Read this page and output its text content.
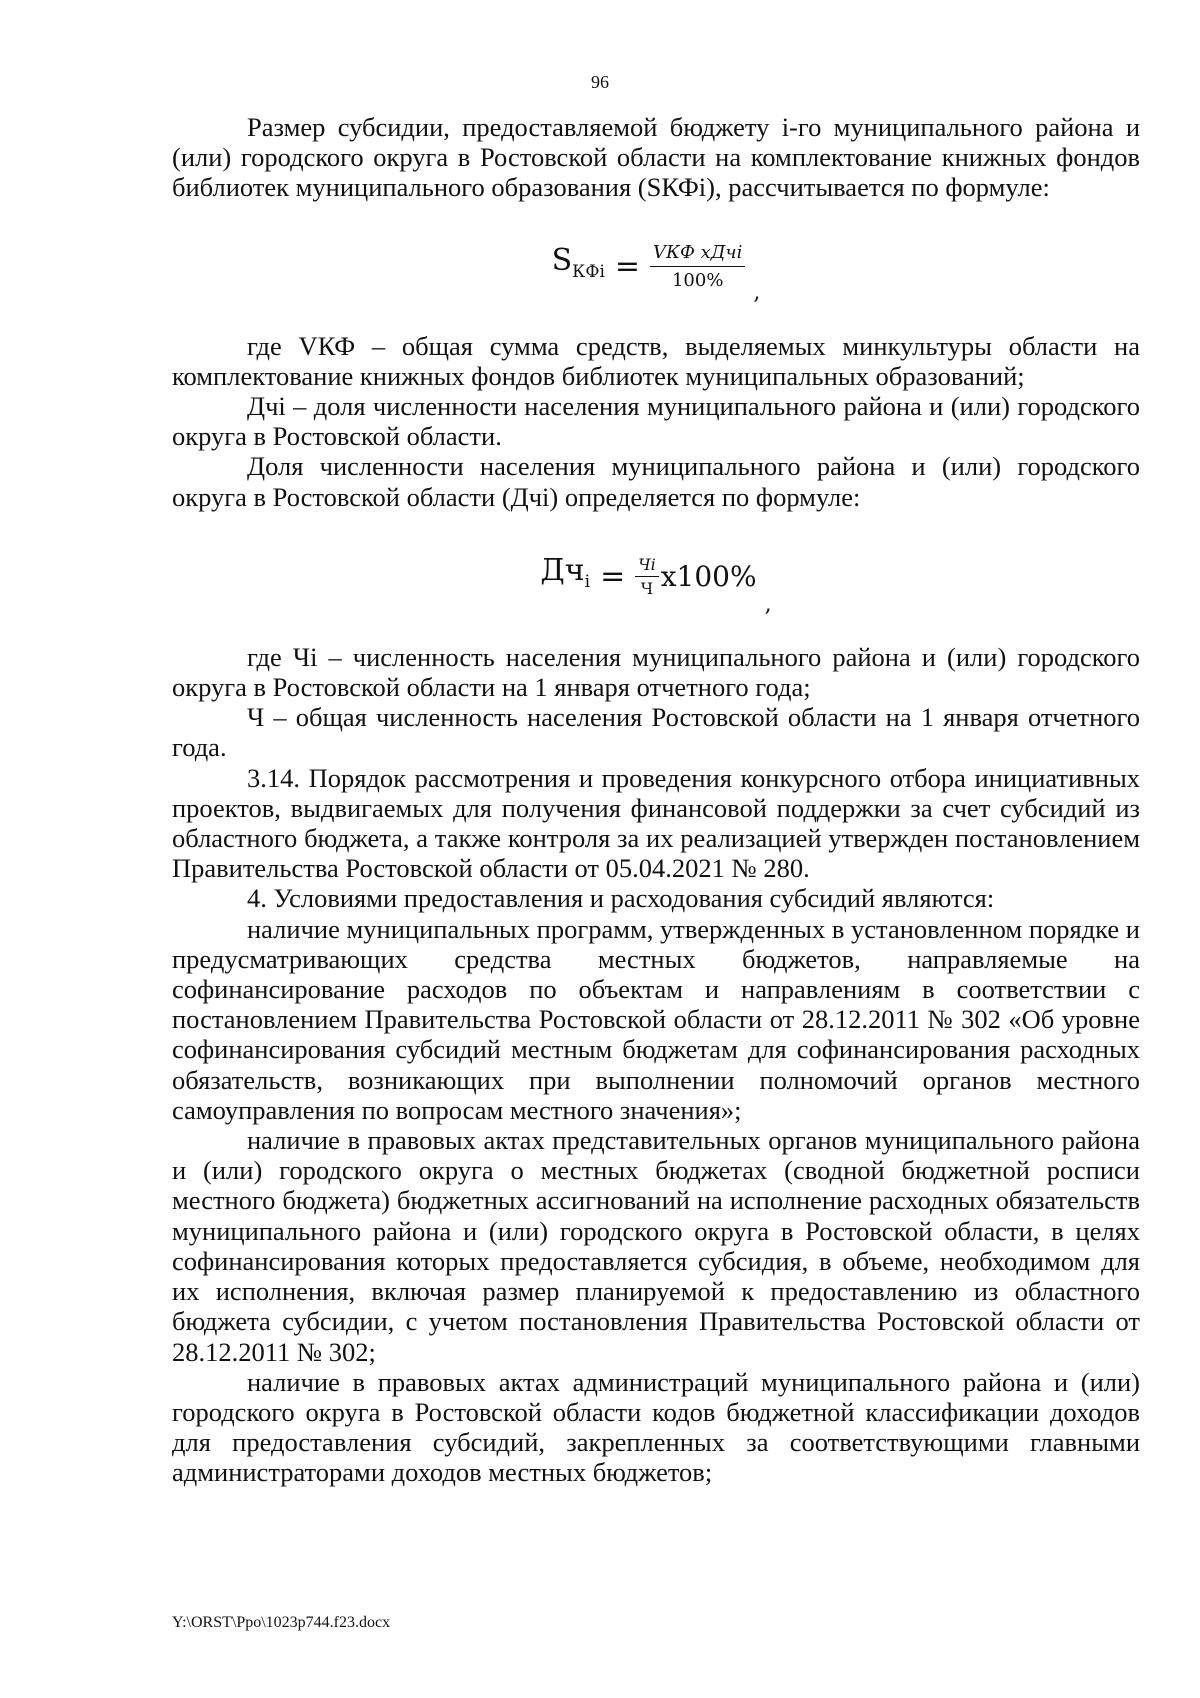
96

Размер субсидии, предоставляемой бюджету i-го муниципального района и (или) городского округа в Ростовской области на комплектование книжных фондов библиотек муниципального образования (SКФi), рассчитывается по формуле:

$S_{КФi} = \frac{\text{VКФ хДчi}}{100\%}$
,

где VКФ – общая сумма средств, выделяемых минкультуры области на комплектование книжных фондов библиотек муниципальных образований;

Дчi – доля численности населения муниципального района и (или) городского округа в Ростовской области.

Доля численности населения муниципального района и (или) городского округа в Ростовской области (Дчi) определяется по формуле:

$Дч_i = \frac{Чi}{Ч} х100\%$
,

где Чi – численность населения муниципального района и (или) городского округа в Ростовской области на 1 января отчетного года;

Ч – общая численность населения Ростовской области на 1 января отчетного года.

3.14. Порядок рассмотрения и проведения конкурсного отбора инициативных проектов, выдвигаемых для получения финансовой поддержки за счет субсидий из областного бюджета, а также контроля за их реализацией утвержден постановлением Правительства Ростовской области от 05.04.2021 № 280.

4. Условиями предоставления и расходования субсидий являются:

наличие муниципальных программ, утвержденных в установленном порядке и предусматривающих средства местных бюджетов, направляемые на софинансирование расходов по объектам и направлениям в соответствии с постановлением Правительства Ростовской области от 28.12.2011 № 302 «Об уровне софинансирования субсидий местным бюджетам для софинансирования расходных обязательств, возникающих при выполнении полномочий органов местного самоуправления по вопросам местного значения»;

наличие в правовых актах представительных органов муниципального района и (или) городского округа о местных бюджетах (сводной бюджетной росписи местного бюджета) бюджетных ассигнований на исполнение расходных обязательств муниципального района и (или) городского округа в Ростовской области, в целях софинансирования которых предоставляется субсидия, в объеме, необходимом для их исполнения, включая размер планируемой к предоставлению из областного бюджета субсидии, с учетом постановления Правительства Ростовской области от 28.12.2011 № 302;

наличие в правовых актах администраций муниципального района и (или) городского округа в Ростовской области кодов бюджетной классификации доходов для предоставления субсидий, закрепленных за соответствующими главными администраторами доходов местных бюджетов;

Y:\ORST\Ppo\1023p744.f23.docx
